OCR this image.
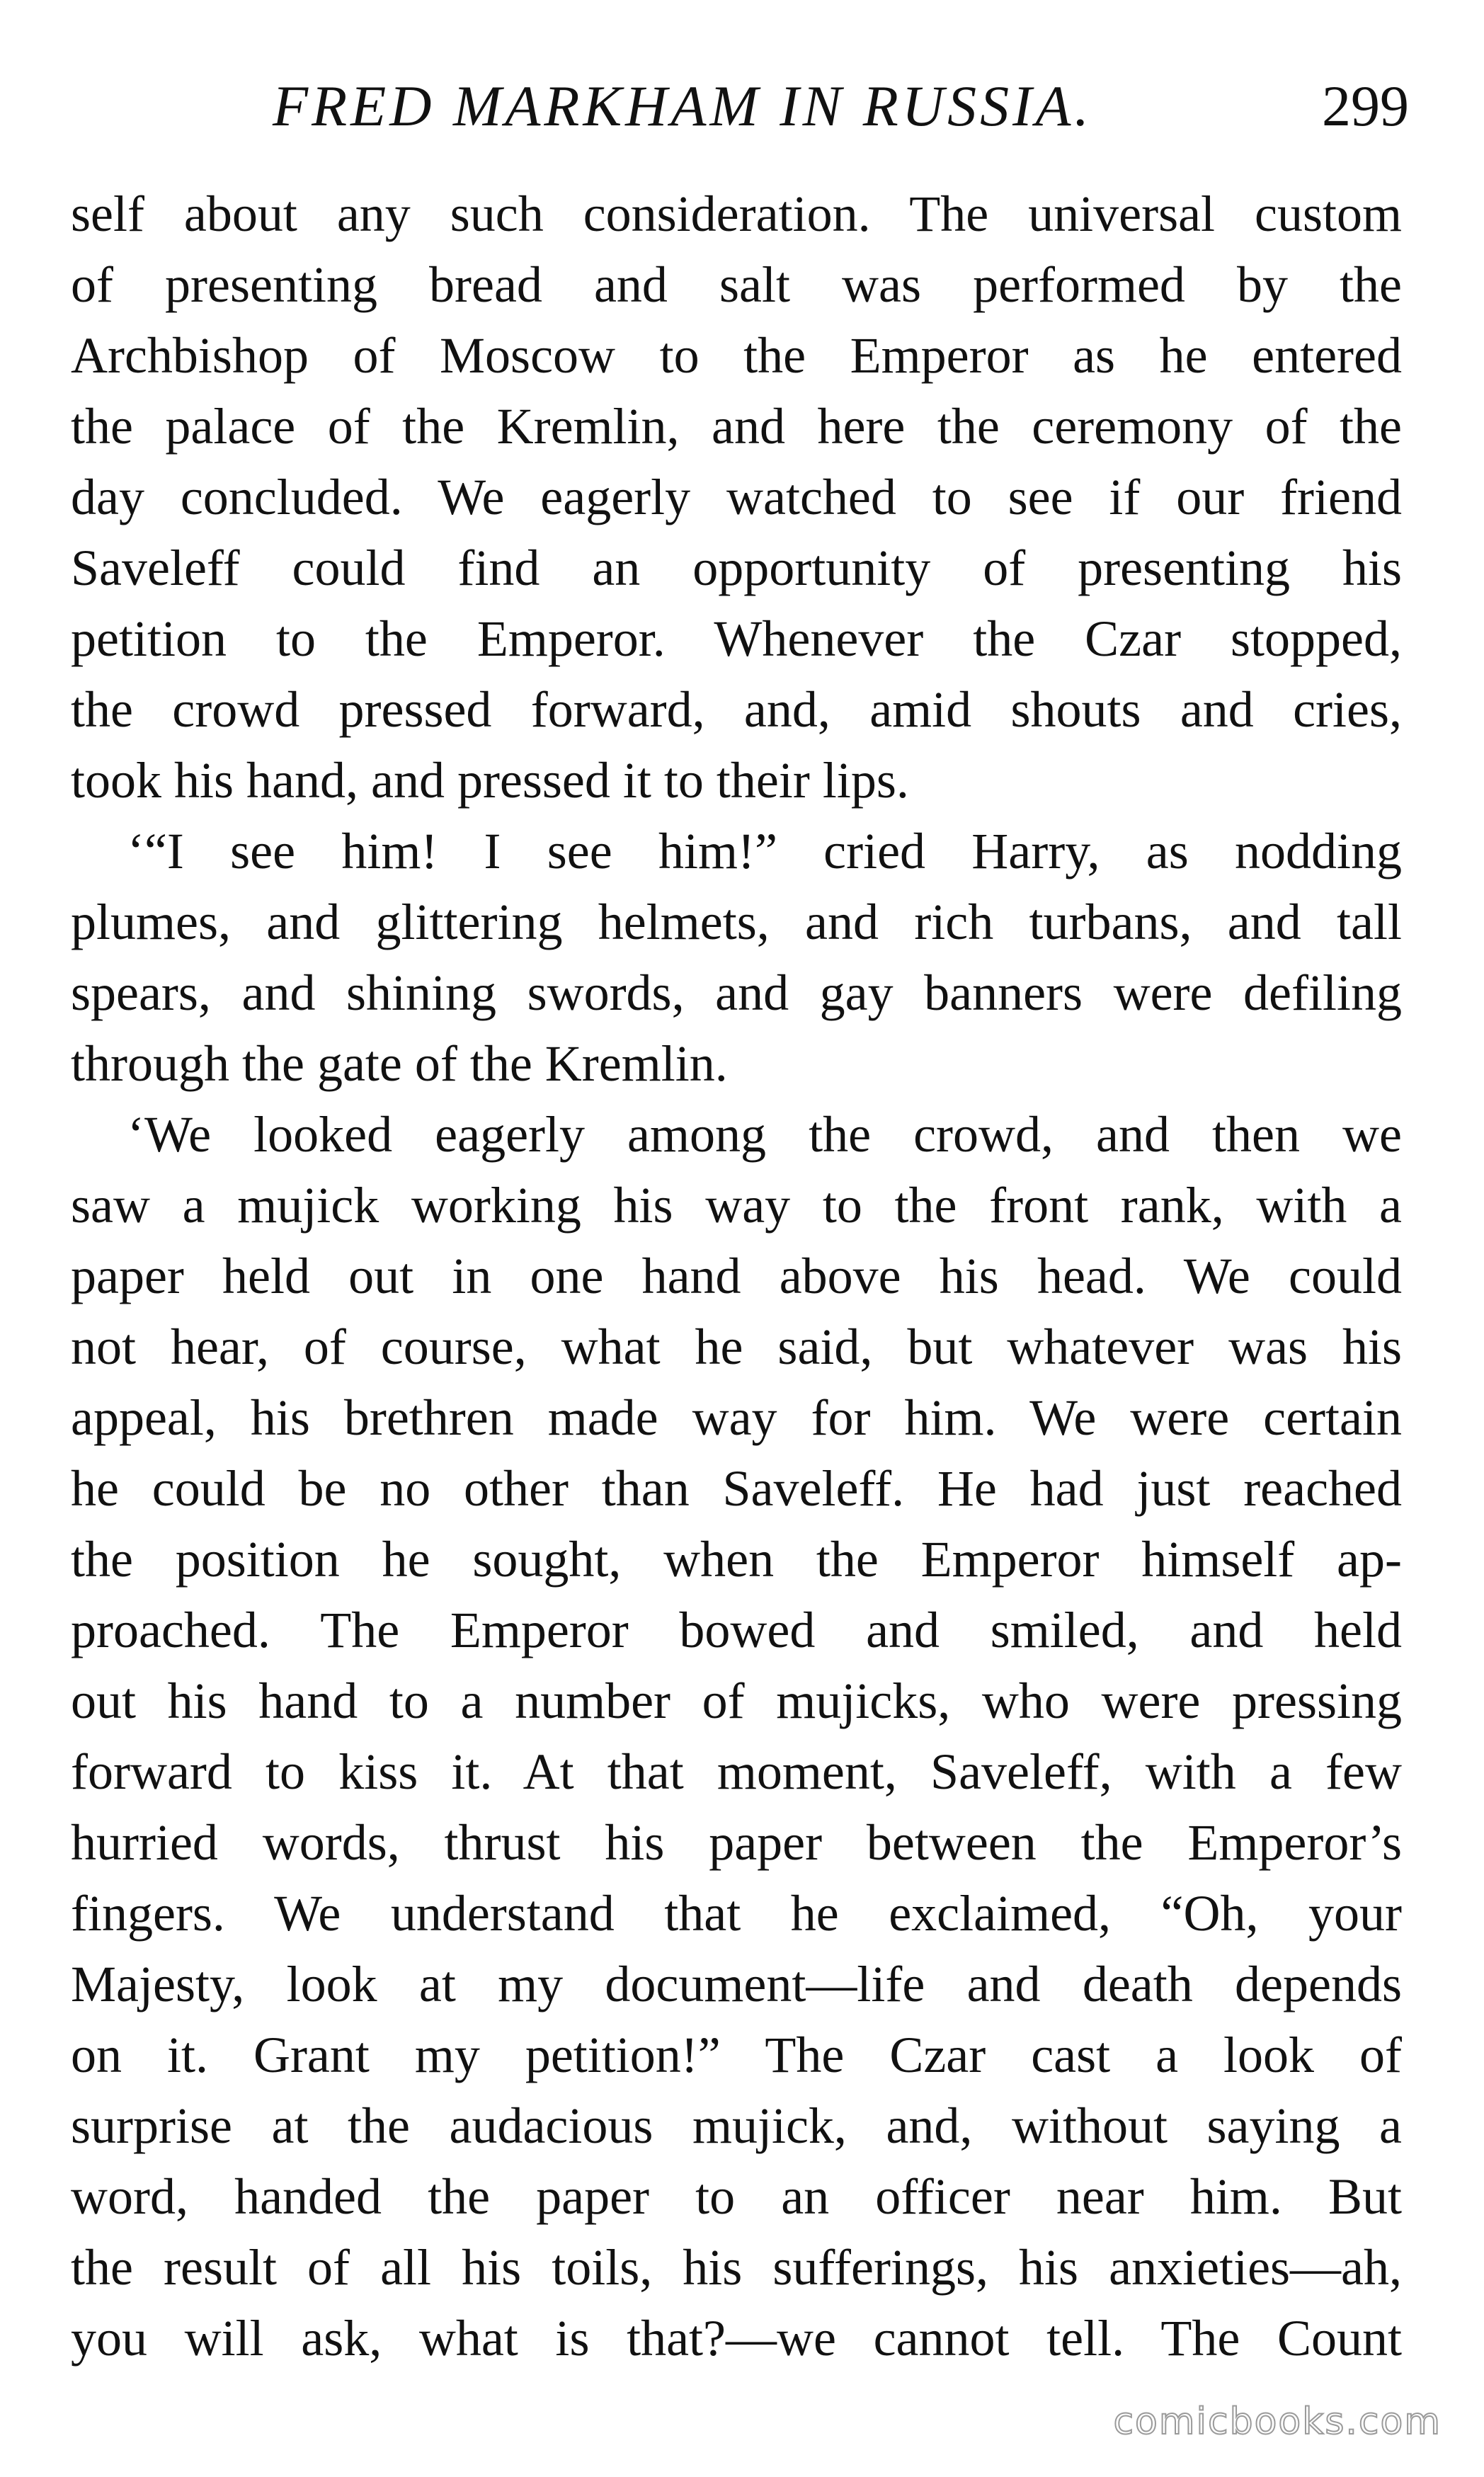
FRED MARKHAM IN RUSSIA.	299
self about any such consideration. The universal custom
of presenting bread and salt was performed by the
Archbishop of Moscow to the Emperor as he entered
the palace of the Kremlin, and here the ceremony of the
day concluded. We eagerly watched to see if our friend
Saveleff could find an opportunity of presenting his
petition to the Emperor. Whenever the Czar stopped,
the crowd pressed forward, and, amid shouts and cries,
took his hand, and pressed it to their lips.
‘“I see him! I see him!” cried Harry, as nodding
plumes, and glittering helmets, and rich turbans, and tall
spears, and shining swords, and gay banners were defiling
through the gate of the Kremlin.
‘We looked eagerly among the crowd, and then we
saw a mujick working his way to the front rank, with a
paper held out in one hand above his head. We could
not hear, of course, what he said, but whatever was his
appeal, his brethren made way for him. We were certain
he could be no other than Saveleff. He had just reached
the position he sought, when the Emperor himself ap-
proached. The Emperor bowed and smiled, and held
out his hand to a number of mujicks, who were pressing
forward to kiss it. At that moment, Saveleff, with a few
hurried words, thrust his paper between the Emperor’s
fingers. We understand that he exclaimed, “Oh, your
Majesty, look at my document—life and death depends
on it. Grant my petition!” The Czar cast a look of
surprise at the audacious mujick, and, without saying a
word, handed the paper to an officer near him. But
the result of all his toils, his sufferings, his anxieties—ah,
you will ask, what is that?—we cannot tell. The Count
comicbooks.com
